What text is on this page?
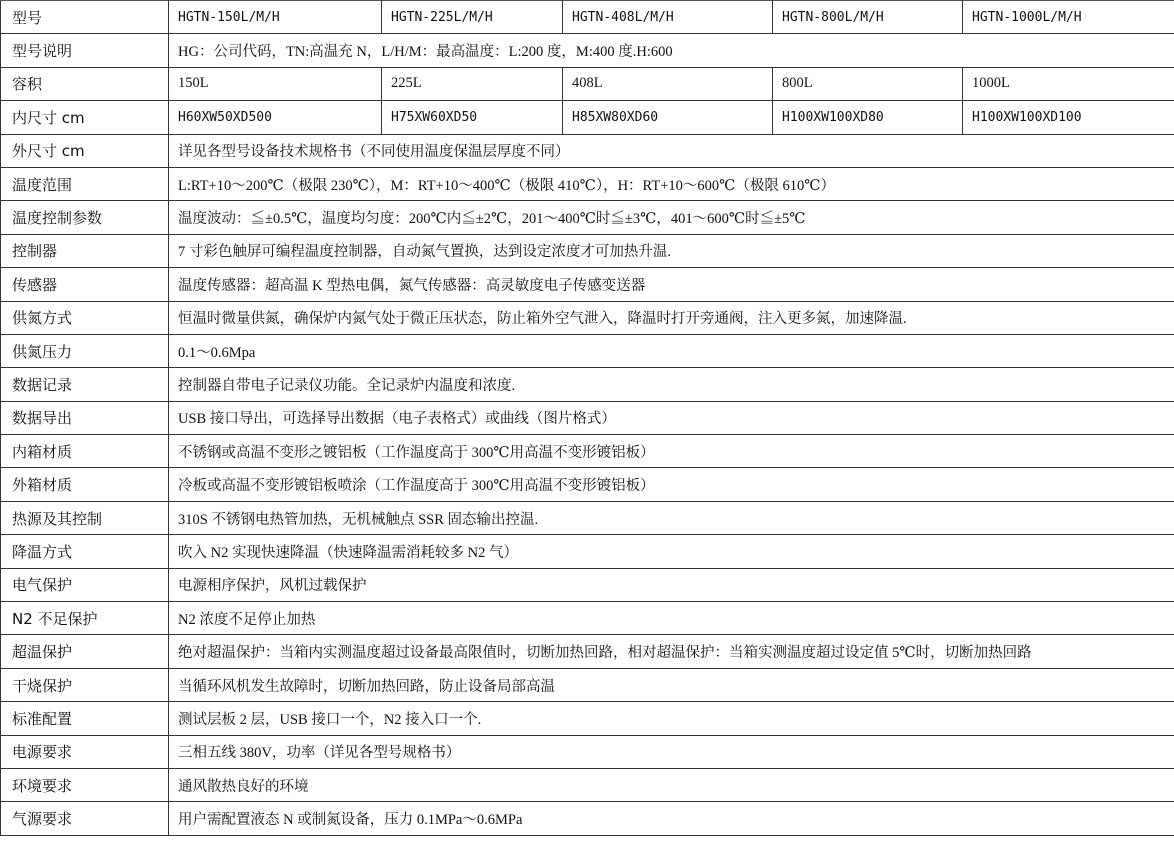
型号	HGTN-150L/M/H	HGTN-225L/M/H	HGTN-408L/M/H	HGTN-800L/M/H	HGTN-1000L/M/H
型号说明	HG：公司代码，TN:高温充 N，L/H/M：最高温度：L:200 度，M:400 度.H:600				
容积	150L	225L	408L	800L	1000L
内尺寸 cm	H60XW50XD500	H75XW60XD50	H85XW80XD60	H100XW100XD80	H100XW100XD100
外尺寸 cm	详见各型号设备技术规格书（不同使用温度保温层厚度不同）				
温度范围	L:RT+10～200℃（极限 230℃），M：RT+10～400℃（极限 410℃），H：RT+10～600℃（极限 610℃）				
温度控制参数	温度波动：≦±0.5℃，温度均匀度：200℃内≦±2℃，201～400℃时≦±3℃，401～600℃时≦±5℃				
控制器	7 寸彩色触屏可编程温度控制器，自动氮气置换，达到设定浓度才可加热升温.				
传感器	温度传感器：超高温 K 型热电偶，氮气传感器：高灵敏度电子传感变送器				
供氮方式	恒温时微量供氮，确保炉内氮气处于微正压状态，防止箱外空气泄入，降温时打开旁通阀，注入更多氮，加速降温.				
供氮压力	0.1～0.6Mpa				
数据记录	控制器自带电子记录仪功能。全记录炉内温度和浓度.				
数据导出	USB 接口导出，可选择导出数据（电子表格式）或曲线（图片格式）				
内箱材质	不锈钢或高温不变形之镀铝板（工作温度高于 300℃用高温不变形镀铝板）				
外箱材质	冷板或高温不变形镀铝板喷涂（工作温度高于 300℃用高温不变形镀铝板）				
热源及其控制	310S 不锈钢电热管加热，无机械触点 SSR 固态输出控温.				
降温方式	吹入 N2 实现快速降温（快速降温需消耗较多 N2 气）				
电气保护	电源相序保护，风机过载保护				
N2 不足保护	N2 浓度不足停止加热				
超温保护	绝对超温保护：当箱内实测温度超过设备最高限值时，切断加热回路，相对超温保护：当箱实测温度超过设定值 5℃时，切断加热回路				
干烧保护	当循环风机发生故障时，切断加热回路，防止设备局部高温				
标准配置	测试层板 2 层，USB 接口一个，N2 接入口一个.				
电源要求	三相五线 380V，功率（详见各型号规格书）				
环境要求	通风散热良好的环境				
气源要求	用户需配置液态 N 或制氮设备，压力 0.1MPa～0.6MPa				
